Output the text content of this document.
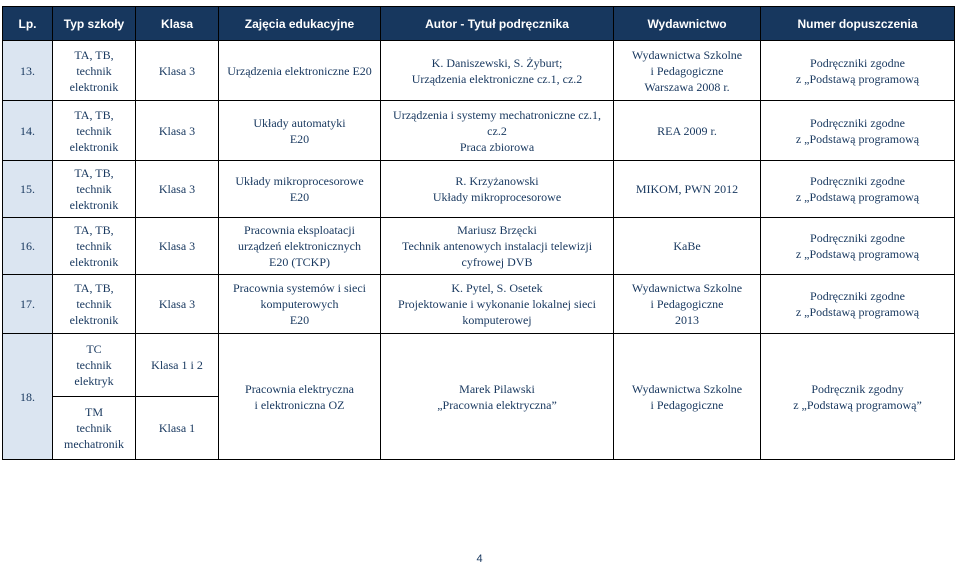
Lp.	Typ szkoły	Klasa	Zajęcia edukacyjne	Autor - Tytuł podręcznika	Wydawnictwo	Numer dopuszczenia
13.	TA, TB,
technik
elektronik	Klasa 3	Urządzenia elektroniczne E20	K. Daniszewski, S. Żyburt;
Urządzenia elektroniczne cz.1, cz.2	Wydawnictwa Szkolne
i Pedagogiczne
Warszawa 2008 r.	Podręczniki zgodne
z „Podstawą programową

14.	TA, TB,
technik
elektronik	Klasa 3	Układy automatyki
E20	Urządzenia i systemy mechatroniczne cz.1,
cz.2
Praca zbiorowa	REA 2009 r.	Podręczniki zgodne
z „Podstawą programową

15.	TA, TB,
technik
elektronik	Klasa 3	Układy mikroprocesorowe
E20	R. Krzyżanowski
Układy mikroprocesorowe	MIKOM, PWN 2012	Podręczniki zgodne
z „Podstawą programową

16.	TA, TB,
technik
elektronik	Klasa 3	Pracownia eksploatacji
urządzeń elektronicznych
E20 (TCKP)	Mariusz Brzęcki
Technik antenowych instalacji telewizji
cyfrowej DVB	KaBe	Podręczniki zgodne
z „Podstawą programową

17.	TA, TB,
technik
elektronik	Klasa 3	Pracownia systemów i sieci
komputerowych
E20	K. Pytel, S. Osetek
Projektowanie i wykonanie lokalnej sieci
komputerowej	Wydawnictwa Szkolne
i Pedagogiczne
2013	Podręczniki zgodne
z „Podstawą programową

18.	TC
technik
elektryk	Klasa 1 i 2	Pracownia elektryczna
i elektroniczna OZ	Marek Pilawski
„Pracownia elektryczna”	Wydawnictwa Szkolne
i Pedagogiczne	Podręcznik zgodny
z „Podstawą programową”

	TM
technik
mechatronik	Klasa 1				
4
